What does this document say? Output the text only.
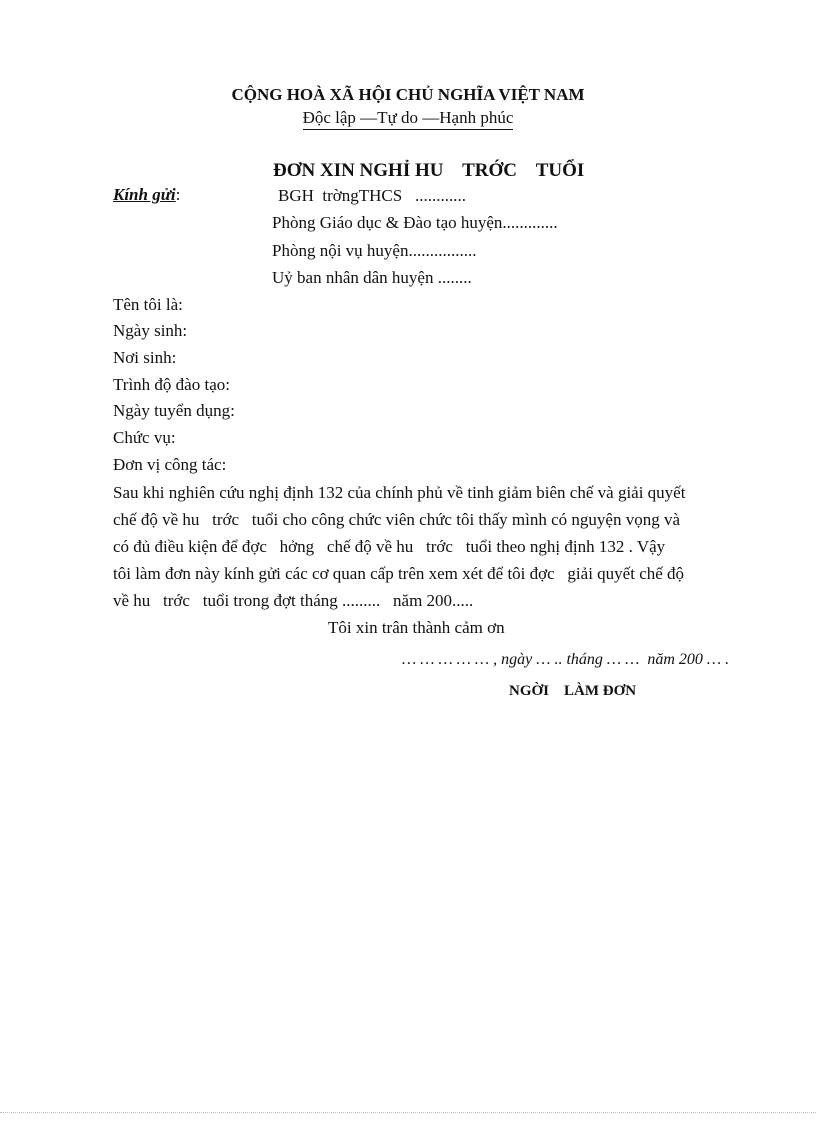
CỘNG HOÀ XÃ HỘI CHỦ NGHĨA VIỆT NAM
Độc lập —Tự do —Hạnh phúc
ĐƠN XIN NGHỈ HU    TRỚC    TUỔI
Kính gửi:	BGH  trờngTHCS   ............
Phòng Giáo dục & Đào tạo huyện.............
Phòng nội vụ huyện................
Uỷ ban nhân dân huyện ........
Tên tôi là:
Ngày sinh:
Nơi sinh:
Trình độ đào tạo:
Ngày tuyển dụng:
Chức vụ:
Đơn vị công tác:
Sau khi nghiên cứu nghị định 132 của chính phủ về tinh giảm biên chế và giải quyết
chế độ về hu   trớc   tuổi cho công chức viên chức tôi thấy mình có nguyện vọng và
có đủ điều kiện để đợc   hởng   chế độ về hu   trớc   tuổi theo nghị định 132 . Vậy
tôi làm đơn này kính gửi các cơ quan cấp trên xem xét để tôi đợc   giải quyết chế độ
về hu   trớc   tuổi trong đợt tháng .........   năm 200.....
Tôi xin trân thành cảm ơn
… … … … … , ngày … .. tháng … …  năm 200 … .
NGỜI    LÀM ĐƠN
